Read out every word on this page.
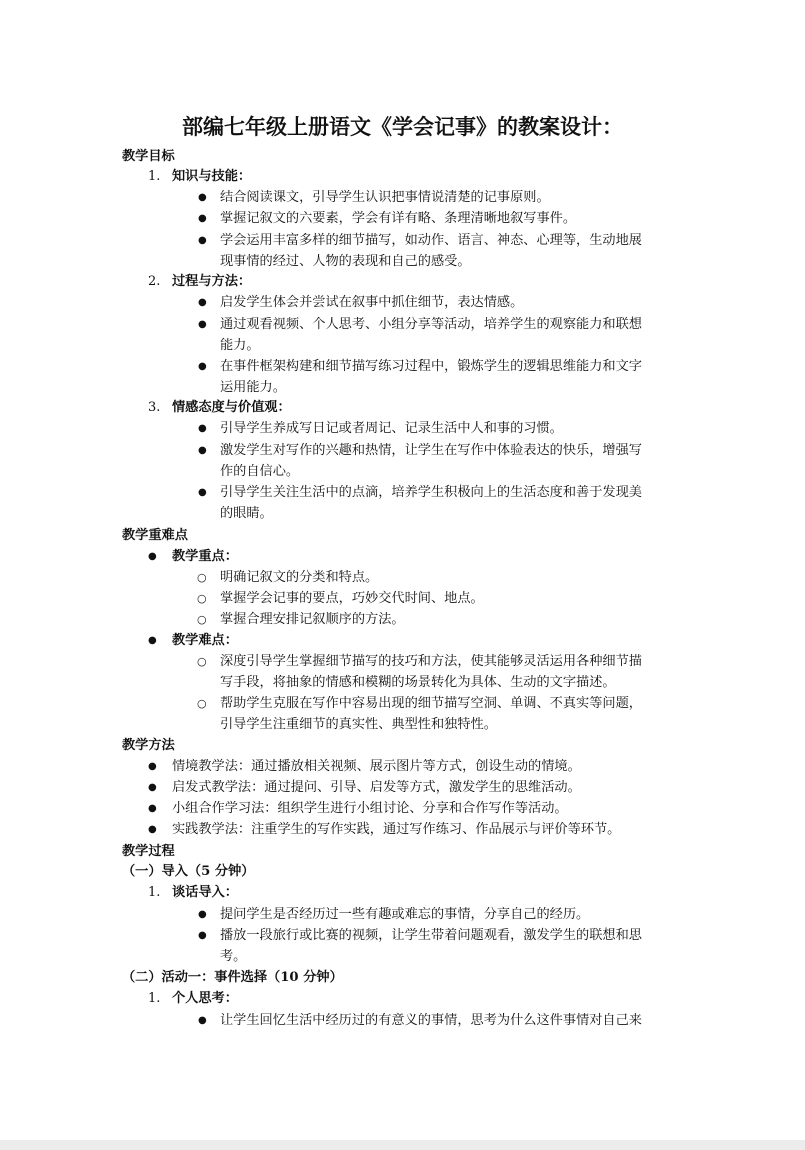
部编七年级上册语文《学会记事》的教案设计：
教学目标
1. 知识与技能：
● 结合阅读课文，引导学生认识把事情说清楚的记事原则。
● 掌握记叙文的六要素，学会有详有略、条理清晰地叙写事件。
● 学会运用丰富多样的细节描写，如动作、语言、神态、心理等，生动地展
现事情的经过、人物的表现和自己的感受。
2. 过程与方法：
● 启发学生体会并尝试在叙事中抓住细节，表达情感。
● 通过观看视频、个人思考、小组分享等活动，培养学生的观察能力和联想
能力。
● 在事件框架构建和细节描写练习过程中，锻炼学生的逻辑思维能力和文字
运用能力。
3. 情感态度与价值观：
● 引导学生养成写日记或者周记、记录生活中人和事的习惯。
● 激发学生对写作的兴趣和热情，让学生在写作中体验表达的快乐，增强写
作的自信心。
● 引导学生关注生活中的点滴，培养学生积极向上的生活态度和善于发现美
的眼睛。
教学重难点
● 教学重点：
○ 明确记叙文的分类和特点。
○ 掌握学会记事的要点，巧妙交代时间、地点。
○ 掌握合理安排记叙顺序的方法。
● 教学难点：
○ 深度引导学生掌握细节描写的技巧和方法，使其能够灵活运用各种细节描
写手段，将抽象的情感和模糊的场景转化为具体、生动的文字描述。
○ 帮助学生克服在写作中容易出现的细节描写空洞、单调、不真实等问题，
引导学生注重细节的真实性、典型性和独特性。
教学方法
● 情境教学法：通过播放相关视频、展示图片等方式，创设生动的情境。
● 启发式教学法：通过提问、引导、启发等方式，激发学生的思维活动。
● 小组合作学习法：组织学生进行小组讨论、分享和合作写作等活动。
● 实践教学法：注重学生的写作实践，通过写作练习、作品展示与评价等环节。
教学过程
（一）导入（5 分钟）
1. 谈话导入：
● 提问学生是否经历过一些有趣或难忘的事情，分享自己的经历。
● 播放一段旅行或比赛的视频，让学生带着问题观看，激发学生的联想和思
考。
（二）活动一：事件选择（10 分钟）
1. 个人思考：
● 让学生回忆生活中经历过的有意义的事情，思考为什么这件事情对自己来
